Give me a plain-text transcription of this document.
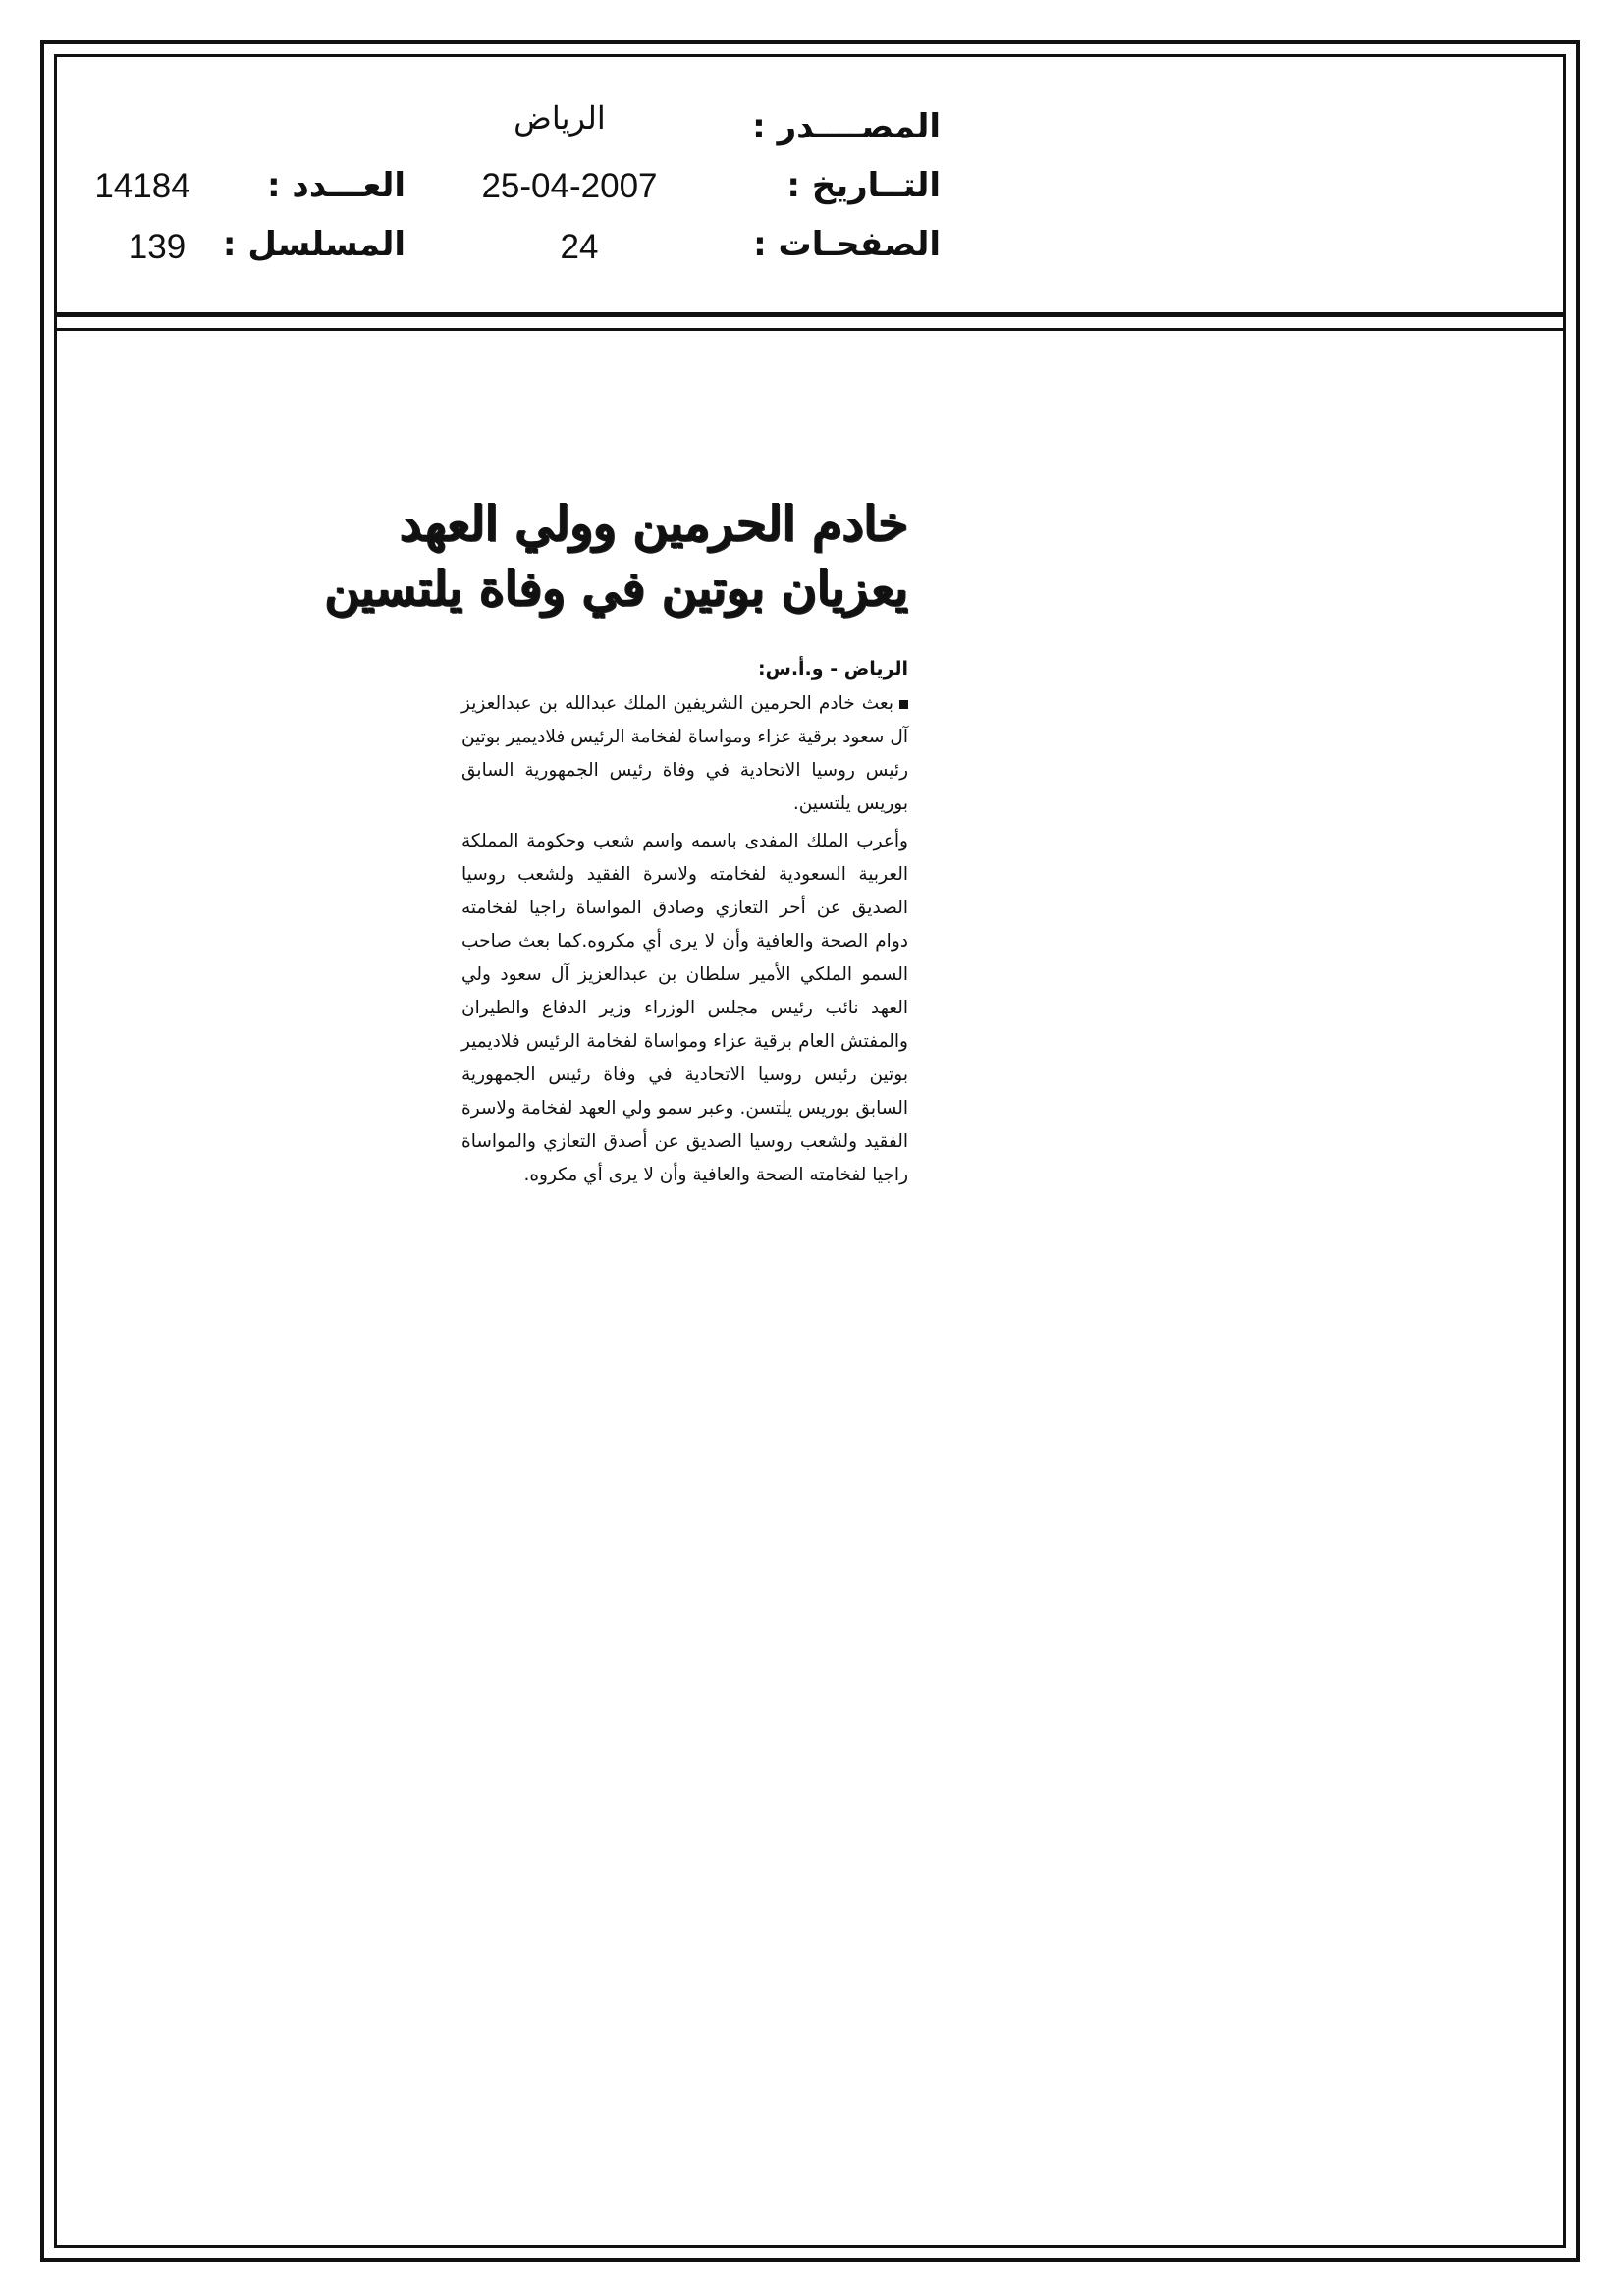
المصــــدر :
التــاريخ :
الصفحـات :
الرياض
25-04-2007
24
العـــدد :
المسلسل :
14184
139
خادم الحرمين وولي العهد
يعزيان بوتين في وفاة يلتسين
الرياض - و.أ.س:

بعث خادم الحرمين الشريفين الملك عبدالله بن عبدالعزيز آل سعود برقية عزاء ومواساة لفخامة الرئيس فلاديمير بوتين رئيس روسيا الاتحادية في وفاة رئيس الجمهورية السابق بوريس يلتسين.

وأعرب الملك المفدى باسمه واسم شعب وحكومة المملكة العربية السعودية لفخامته ولاسرة الفقيد ولشعب روسيا الصديق عن أحر التعازي وصادق المواساة راجيا لفخامته دوام الصحة والعافية وأن لا يرى أي مكروه.كما بعث صاحب السمو الملكي الأمير سلطان بن عبدالعزيز آل سعود ولي العهد نائب رئيس مجلس الوزراء وزير الدفاع والطيران والمفتش العام برقية عزاء ومواساة لفخامة الرئيس فلاديمير بوتين رئيس روسيا الاتحادية في وفاة رئيس الجمهورية السابق بوريس يلتسن. وعبر سمو ولي العهد لفخامة ولاسرة الفقيد ولشعب روسيا الصديق عن أصدق التعازي والمواساة راجيا لفخامته الصحة والعافية وأن لا يرى أي مكروه.
